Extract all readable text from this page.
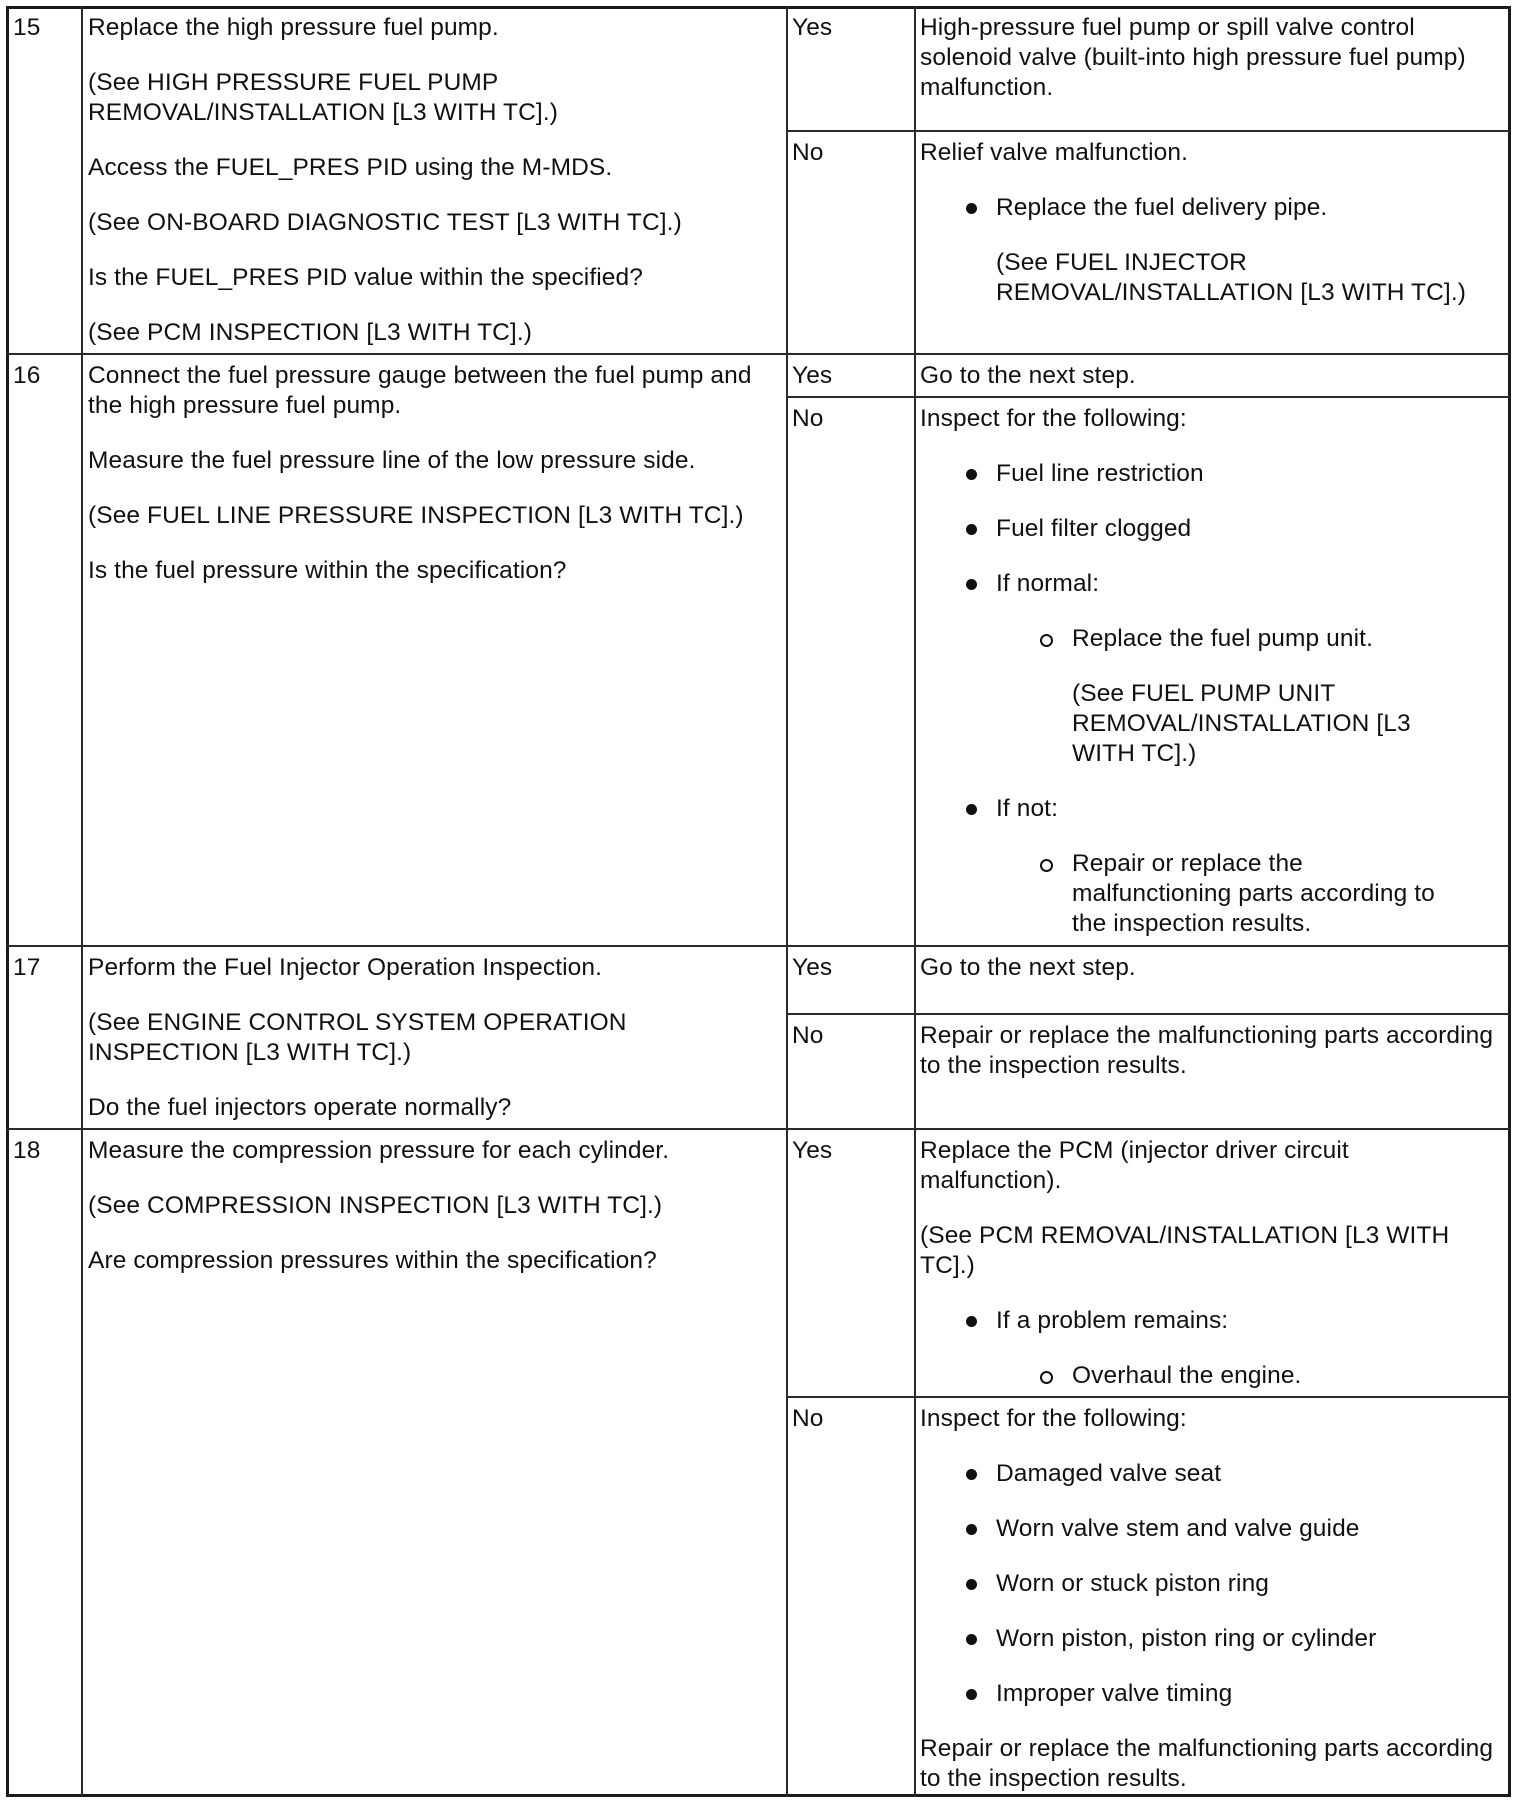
15 Replace the high pressure fuel pump.
(See HIGH PRESSURE FUEL PUMP
REMOVAL/INSTALLATION [L3 WITH TC].)
Access the FUEL_PRES PID using the M-MDS.
(See ON-BOARD DIAGNOSTIC TEST [L3 WITH TC].)
Is the FUEL_PRES PID value within the specified?
(See PCM INSPECTION [L3 WITH TC].)
Yes	High-pressure fuel pump or spill valve control
solenoid valve (built-into high pressure fuel pump)
malfunction.
No	Relief valve malfunction.
Replace the fuel delivery pipe.
(See FUEL INJECTOR
REMOVAL/INSTALLATION [L3 WITH TC].)
16 Connect the fuel pressure gauge between the fuel pump and
the high pressure fuel pump.
Measure the fuel pressure line of the low pressure side.
(See FUEL LINE PRESSURE INSPECTION [L3 WITH TC].)
Is the fuel pressure within the specification?
Yes	Go to the next step.
No	Inspect for the following:
Fuel line restriction
Fuel filter clogged
If normal:
Replace the fuel pump unit.
(See FUEL PUMP UNIT
REMOVAL/INSTALLATION [L3
WITH TC].)
If not:
Repair or replace the
malfunctioning parts according to
the inspection results.
17 Perform the Fuel Injector Operation Inspection.
(See ENGINE CONTROL SYSTEM OPERATION
INSPECTION [L3 WITH TC].)
Do the fuel injectors operate normally?
Yes	Go to the next step.
No	Repair or replace the malfunctioning parts according
to the inspection results.
18 Measure the compression pressure for each cylinder.
(See COMPRESSION INSPECTION [L3 WITH TC].)
Are compression pressures within the specification?
Yes	Replace the PCM (injector driver circuit
malfunction).
(See PCM REMOVAL/INSTALLATION [L3 WITH
TC].)
If a problem remains:
Overhaul the engine.
No	Inspect for the following:
Damaged valve seat
Worn valve stem and valve guide
Worn or stuck piston ring
Worn piston, piston ring or cylinder
Improper valve timing
Repair or replace the malfunctioning parts according
to the inspection results.
